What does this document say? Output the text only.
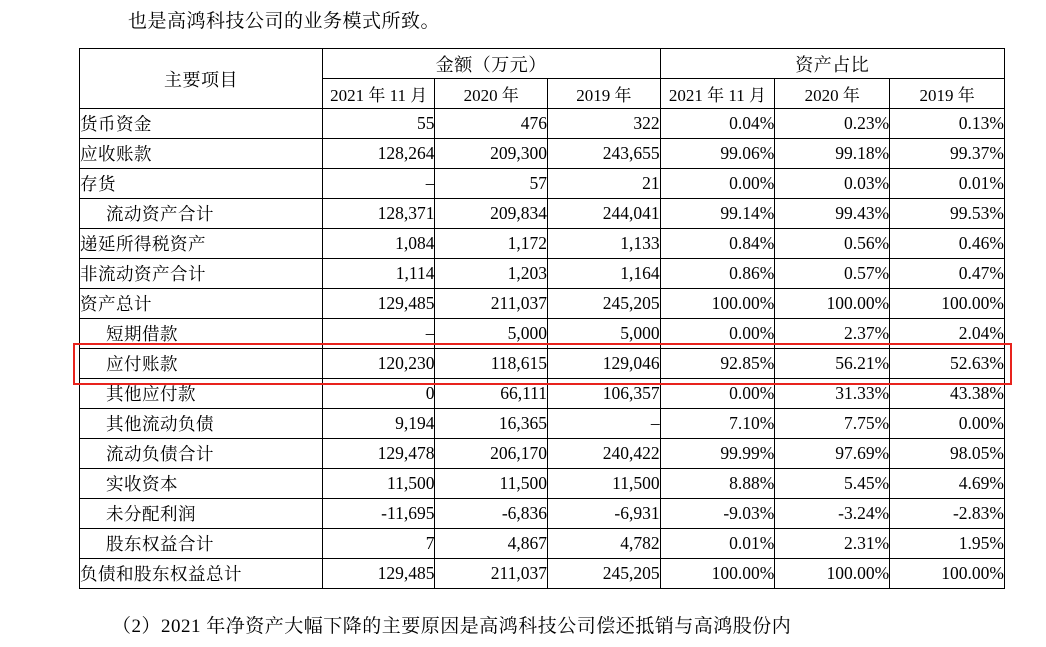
也是高鸿科技公司的业务模式所致。
主要项目	金额（万元）			资产占比		
	2021 年 11 月	2020 年	2019 年	2021 年 11 月	2020 年	2019 年
货币资金	55	476	322	0.04%	0.23%	0.13%
应收账款	128,264	209,300	243,655	99.06%	99.18%	99.37%
存货	–	57	21	0.00%	0.03%	0.01%
流动资产合计	128,371	209,834	244,041	99.14%	99.43%	99.53%
递延所得税资产	1,084	1,172	1,133	0.84%	0.56%	0.46%
非流动资产合计	1,114	1,203	1,164	0.86%	0.57%	0.47%
资产总计	129,485	211,037	245,205	100.00%	100.00%	100.00%
短期借款	–	5,000	5,000	0.00%	2.37%	2.04%
应付账款	120,230	118,615	129,046	92.85%	56.21%	52.63%
其他应付款	0	66,111	106,357	0.00%	31.33%	43.38%
其他流动负债	9,194	16,365	–	7.10%	7.75%	0.00%
流动负债合计	129,478	206,170	240,422	99.99%	97.69%	98.05%
实收资本	11,500	11,500	11,500	8.88%	5.45%	4.69%
未分配利润	-11,695	-6,836	-6,931	-9.03%	-3.24%	-2.83%
股东权益合计	7	4,867	4,782	0.01%	2.31%	1.95%
负债和股东权益总计	129,485	211,037	245,205	100.00%	100.00%	100.00%
（2）2021 年净资产大幅下降的主要原因是高鸿科技公司偿还抵销与高鸿股份内
